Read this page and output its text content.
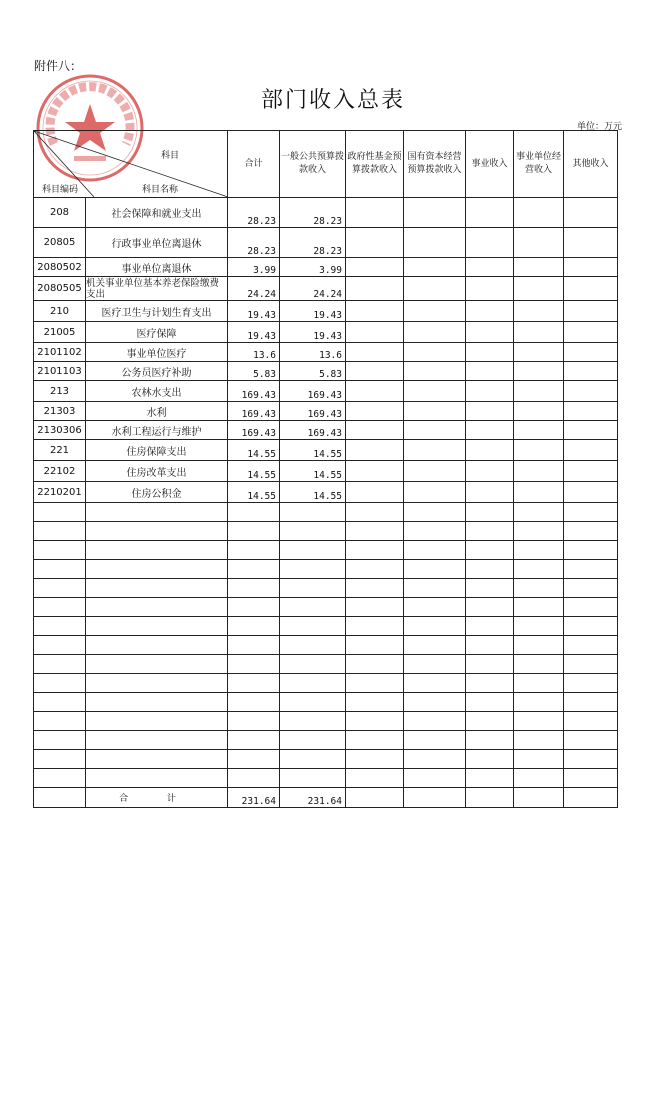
附件八：
部门收入总表
单位：万元
科目
科目编码 科目名称		合计	一般公共预算拨款收入	政府性基金预算拨款收入	国有资本经营预算拨款收入	事业收入	事业单位经营收入	其他收入
208	社会保障和就业支出	28.23	28.23					
20805	行政事业单位离退休	28.23	28.23					
2080502	事业单位离退休	3.99	3.99					
2080505	机关事业单位基本养老保险缴费支出	24.24	24.24					
210	医疗卫生与计划生育支出	19.43	19.43					
21005	医疗保障	19.43	19.43					
2101102	事业单位医疗	13.6	13.6					
2101103	公务员医疗补助	5.83	5.83					
213	农林水支出	169.43	169.43					
21303	水利	169.43	169.43					
2130306	水利工程运行与维护	169.43	169.43					
221	住房保障支出	14.55	14.55					
22102	住房改革支出	14.55	14.55					
2210201	住房公积金	14.55	14.55					

	合 计	231.64	231.64					
